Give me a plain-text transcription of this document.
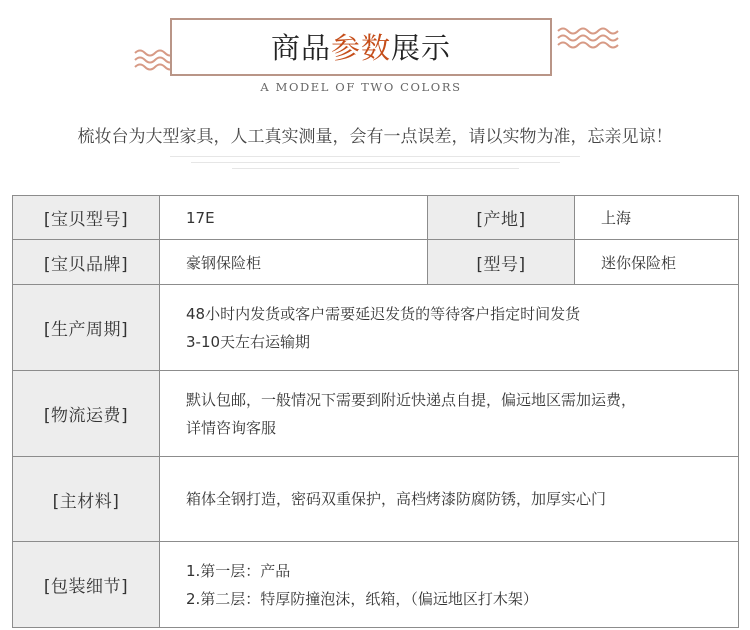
商品参数展示
A MODEL OF TWO COLORS
梳妆台为大型家具，人工真实测量，会有一点误差，请以实物为准，忘亲见谅！
[宝贝型号]	17E	[产地]	上海
[宝贝品牌]	豪钢保险柜	[型号]	迷你保险柜
[生产周期]	48小时内发货或客户需要延迟发货的等待客户指定时间发货
3-10天左右运输期		

[物流运费]	默认包邮，一般情况下需要到附近快递点自提，偏远地区需加运费，
详情咨询客服		

[主材料]	箱体全钢打造，密码双重保护，高档烤漆防腐防锈，加厚实心门		

[包装细节]	1.第一层：产品
2.第二层：特厚防撞泡沫，纸箱，（偏远地区打木架）		
